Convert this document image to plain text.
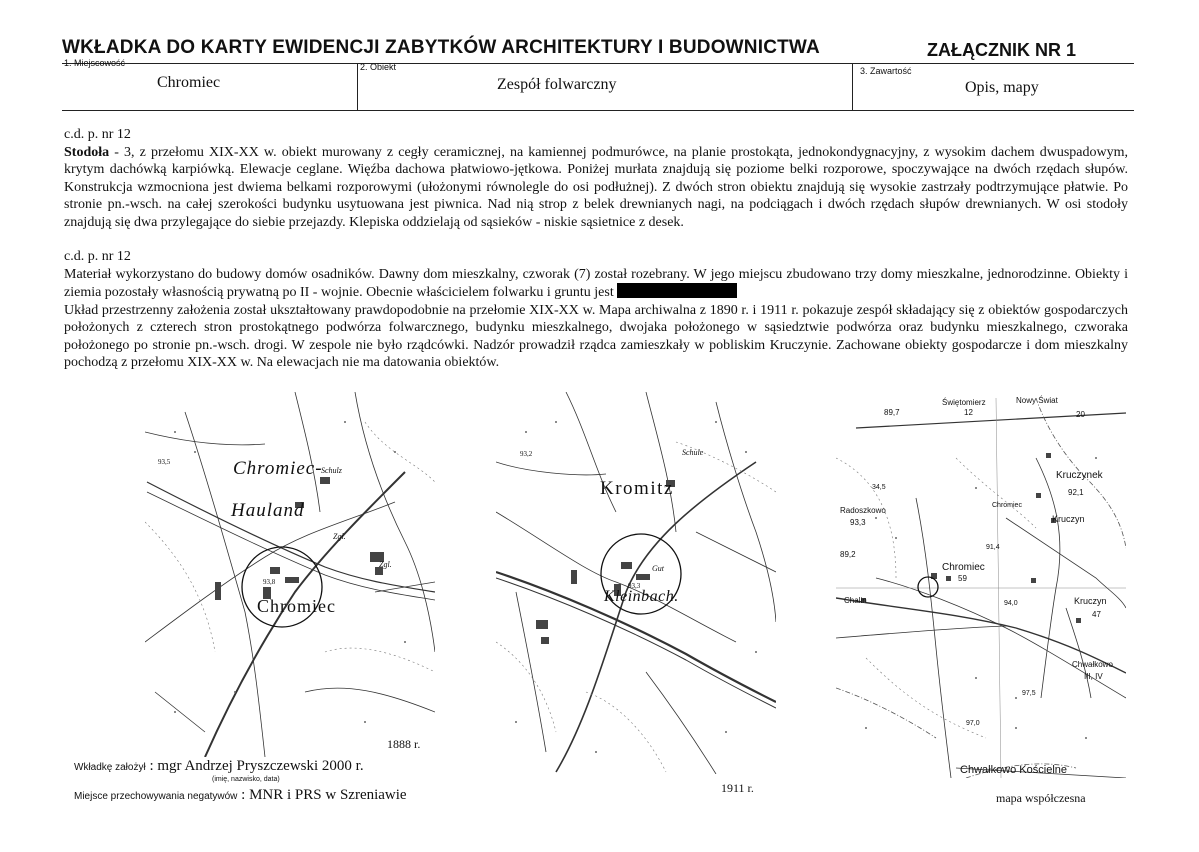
WKŁADKA DO KARTY EWIDENCJI ZABYTKÓW ARCHITEKTURY I BUDOWNICTWA	ZAŁĄCZNIK NR 1
1. Miejscowość
Chromiec
2. Obiekt
Zespół folwarczny
3. Zawartość
Opis, mapy
c.d. p. nr 12

Stodoła - 3, z przełomu XIX-XX w. obiekt murowany z cegły ceramicznej, na kamiennej podmurówce, na planie prostokąta, jednokondygnacyjny, z wysokim dachem dwuspadowym, krytym dachówką karpiówką. Elewacje ceglane. Więźba dachowa płatwiowo-jętkowa. Poniżej murłata znajdują się poziome belki rozporowe, spoczywające na dwóch rzędach słupów. Konstrukcja wzmocniona jest dwiema belkami rozporowymi (ułożonymi równolegle do osi podłużnej). Z dwóch stron obiektu znajdują się wysokie zastrzały podtrzymujące płatwie. Po stronie pn.-wsch. na całej szerokości budynku usytuowana jest piwnica. Nad nią strop z belek drewnianych nagi, na podciągach i dwóch rzędach słupów drewnianych. W osi stodoły znajdują się dwa przylegające do siebie przejazdy. Klepiska oddzielają od sąsieków - niskie sąsietnice z desek.

c.d. p. nr 12

Materiał wykorzystano do budowy domów osadników. Dawny dom mieszkalny, czworak (7) został rozebrany. W jego miejscu zbudowano trzy domy mieszkalne, jednorodzinne. Obiekty i ziemia pozostały własnością prywatną po II - wojnie. Obecnie właścicielem folwarku i gruntu jest
Układ przestrzenny założenia został ukształtowany prawdopodobnie na przełomie XIX-XX w. Mapa archiwalna z 1890 r. i 1911 r. pokazuje zespół składający się z obiektów gospodarczych położonych z czterech stron prostokątnego podwórza folwarcznego, budynku mieszkalnego, dwojaka położonego w sąsiedztwie podwórza oraz budynku mieszkalnego, czworaka położonego po stronie pn.-wsch. drogi. W zespole nie było rządcówki. Nadzór prowadził rządca zamieszkały w pobliskim Kruczynie. Zachowane obiekty gospodarcze i dom mieszkalny pochodzą z przełomu XIX-XX w. Na elewacjach nie ma datowania obiektów.

Chromiec-
Hauland
Chromiec
Schulz
Zgl.
Zgl.
93,8
93,5
1888 r.
Kromitz
Kleinbach.
Gut
Schule
93,2
93,3
1911 r.
Świętomierz	Nowy Świat
89,7	12	20
Kruczynek
92,1
Radoszkowo
93,3
Chromiec
Kruczyn
89,2
91,4
Chromiec
59
94,0	Kruczyn
47
Chwałkowo
III, IV
97,5
97,0
Chwałkowo Kościelne
Chalin
34,5
mapa współczesna
Wkładkę założył : mgr Andrzej Pryszczewski 2000 r.
(imię, nazwisko, data)
Miejsce przechowywania negatywów : MNR i PRS w Szreniawie
